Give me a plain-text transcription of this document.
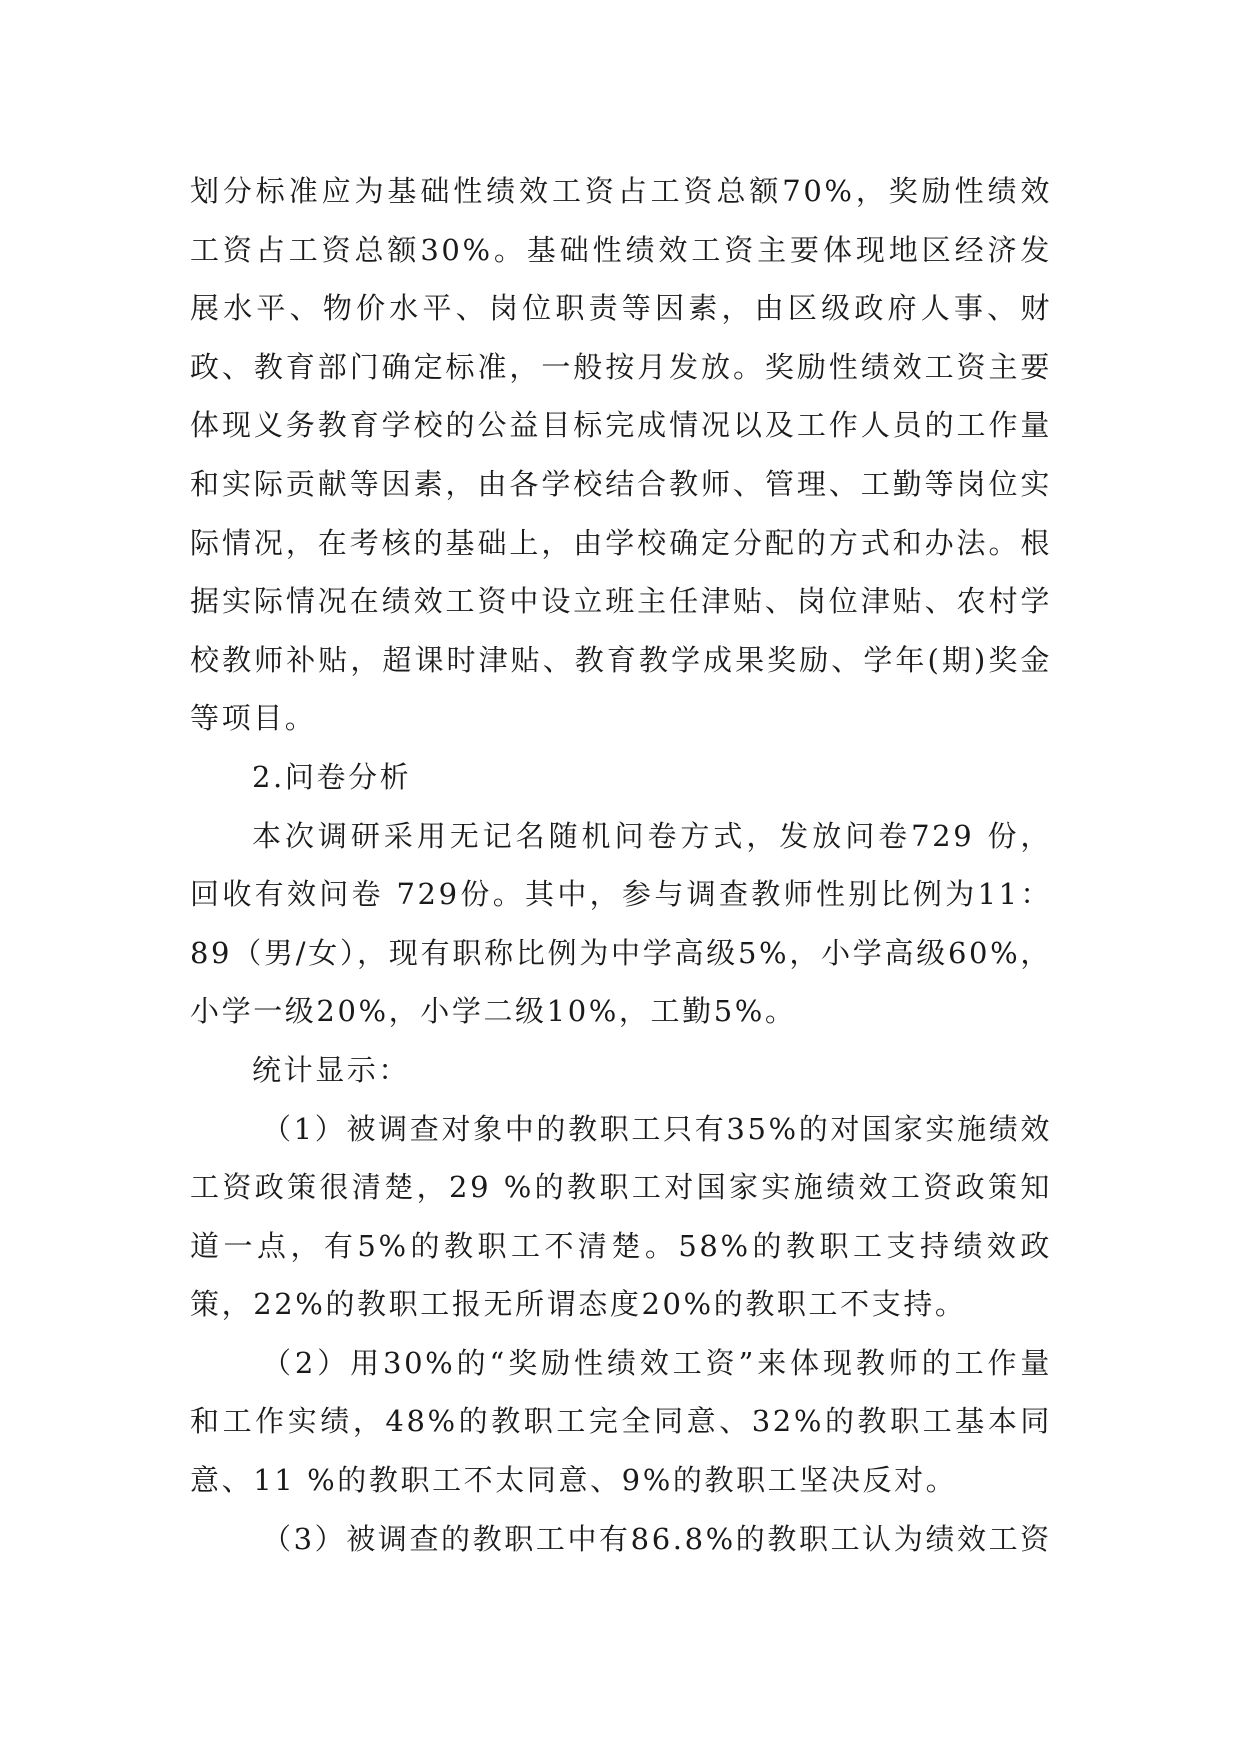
划分标准应为基础性绩效工资占工资总额70%，奖励性绩效工资占工资总额30%。基础性绩效工资主要体现地区经济发展水平、物价水平、岗位职责等因素，由区级政府人事、财政、教育部门确定标准，一般按月发放。奖励性绩效工资主要体现义务教育学校的公益目标完成情况以及工作人员的工作量和实际贡献等因素，由各学校结合教师、管理、工勤等岗位实际情况，在考核的基础上，由学校确定分配的方式和办法。根据实际情况在绩效工资中设立班主任津贴、岗位津贴、农村学校教师补贴，超课时津贴、教育教学成果奖励、学年(期)奖金等项目。

2.问卷分析

本次调研采用无记名随机问卷方式，发放问卷729 份，回收有效问卷 729份。其中，参与调查教师性别比例为11：89（男/女），现有职称比例为中学高级5%，小学高级60%，小学一级20%，小学二级10%，工勤5%。

统计显示：

（1）被调查对象中的教职工只有35%的对国家实施绩效工资政策很清楚，29 %的教职工对国家实施绩效工资政策知道一点，有5%的教职工不清楚。58%的教职工支持绩效政策，22%的教职工报无所谓态度20%的教职工不支持。

（2）用30%的“奖励性绩效工资”来体现教师的工作量和工作实绩，48%的教职工完全同意、32%的教职工基本同意、11 %的教职工不太同意、9%的教职工坚决反对。

（3）被调查的教职工中有86.8%的教职工认为绩效工资
